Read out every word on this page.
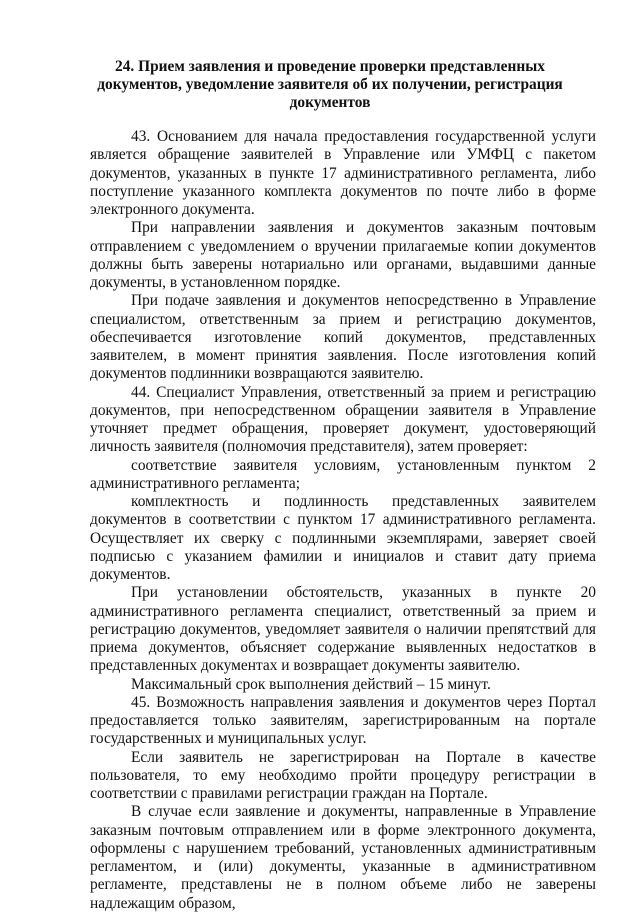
24. Прием заявления и проведение проверки представленных документов, уведомление заявителя об их получении, регистрация документов

43. Основанием для начала предоставления государственной услуги является обращение заявителей в Управление или УМФЦ с пакетом документов, указанных в пункте 17 административного регламента, либо поступление указанного комплекта документов по почте либо в форме электронного документа.

При направлении заявления и документов заказным почтовым отправлением с уведомлением о вручении прилагаемые копии документов должны быть заверены нотариально или органами, выдавшими данные документы, в установленном порядке.

При подаче заявления и документов непосредственно в Управление специалистом, ответственным за прием и регистрацию документов, обеспечивается изготовление копий документов, представленных заявителем, в момент принятия заявления. После изготовления копий документов подлинники возвращаются заявителю.

44. Специалист Управления, ответственный за прием и регистрацию документов, при непосредственном обращении заявителя в Управление уточняет предмет обращения, проверяет документ, удостоверяющий личность заявителя (полномочия представителя), затем проверяет:

соответствие заявителя условиям, установленным пунктом 2 административного регламента;

комплектность и подлинность представленных заявителем документов в соответствии с пунктом 17 административного регламента. Осуществляет их сверку с подлинными экземплярами, заверяет своей подписью с указанием фамилии и инициалов и ставит дату приема документов.

При установлении обстоятельств, указанных в пункте 20 административного регламента специалист, ответственный за прием и регистрацию документов, уведомляет заявителя о наличии препятствий для приема документов, объясняет содержание выявленных недостатков в представленных документах и возвращает документы заявителю.

Максимальный срок выполнения действий – 15 минут.

45. Возможность направления заявления и документов через Портал предоставляется только заявителям, зарегистрированным на портале государственных и муниципальных услуг.

Если заявитель не зарегистрирован на Портале в качестве пользователя, то ему необходимо пройти процедуру регистрации в соответствии с правилами регистрации граждан на Портале.

В случае если заявление и документы, направленные в Управление заказным почтовым отправлением или в форме электронного документа, оформлены с нарушением требований, установленных административным регламентом, и (или) документы, указанные в административном регламенте, представлены не в полном объеме либо не заверены надлежащим образом,
